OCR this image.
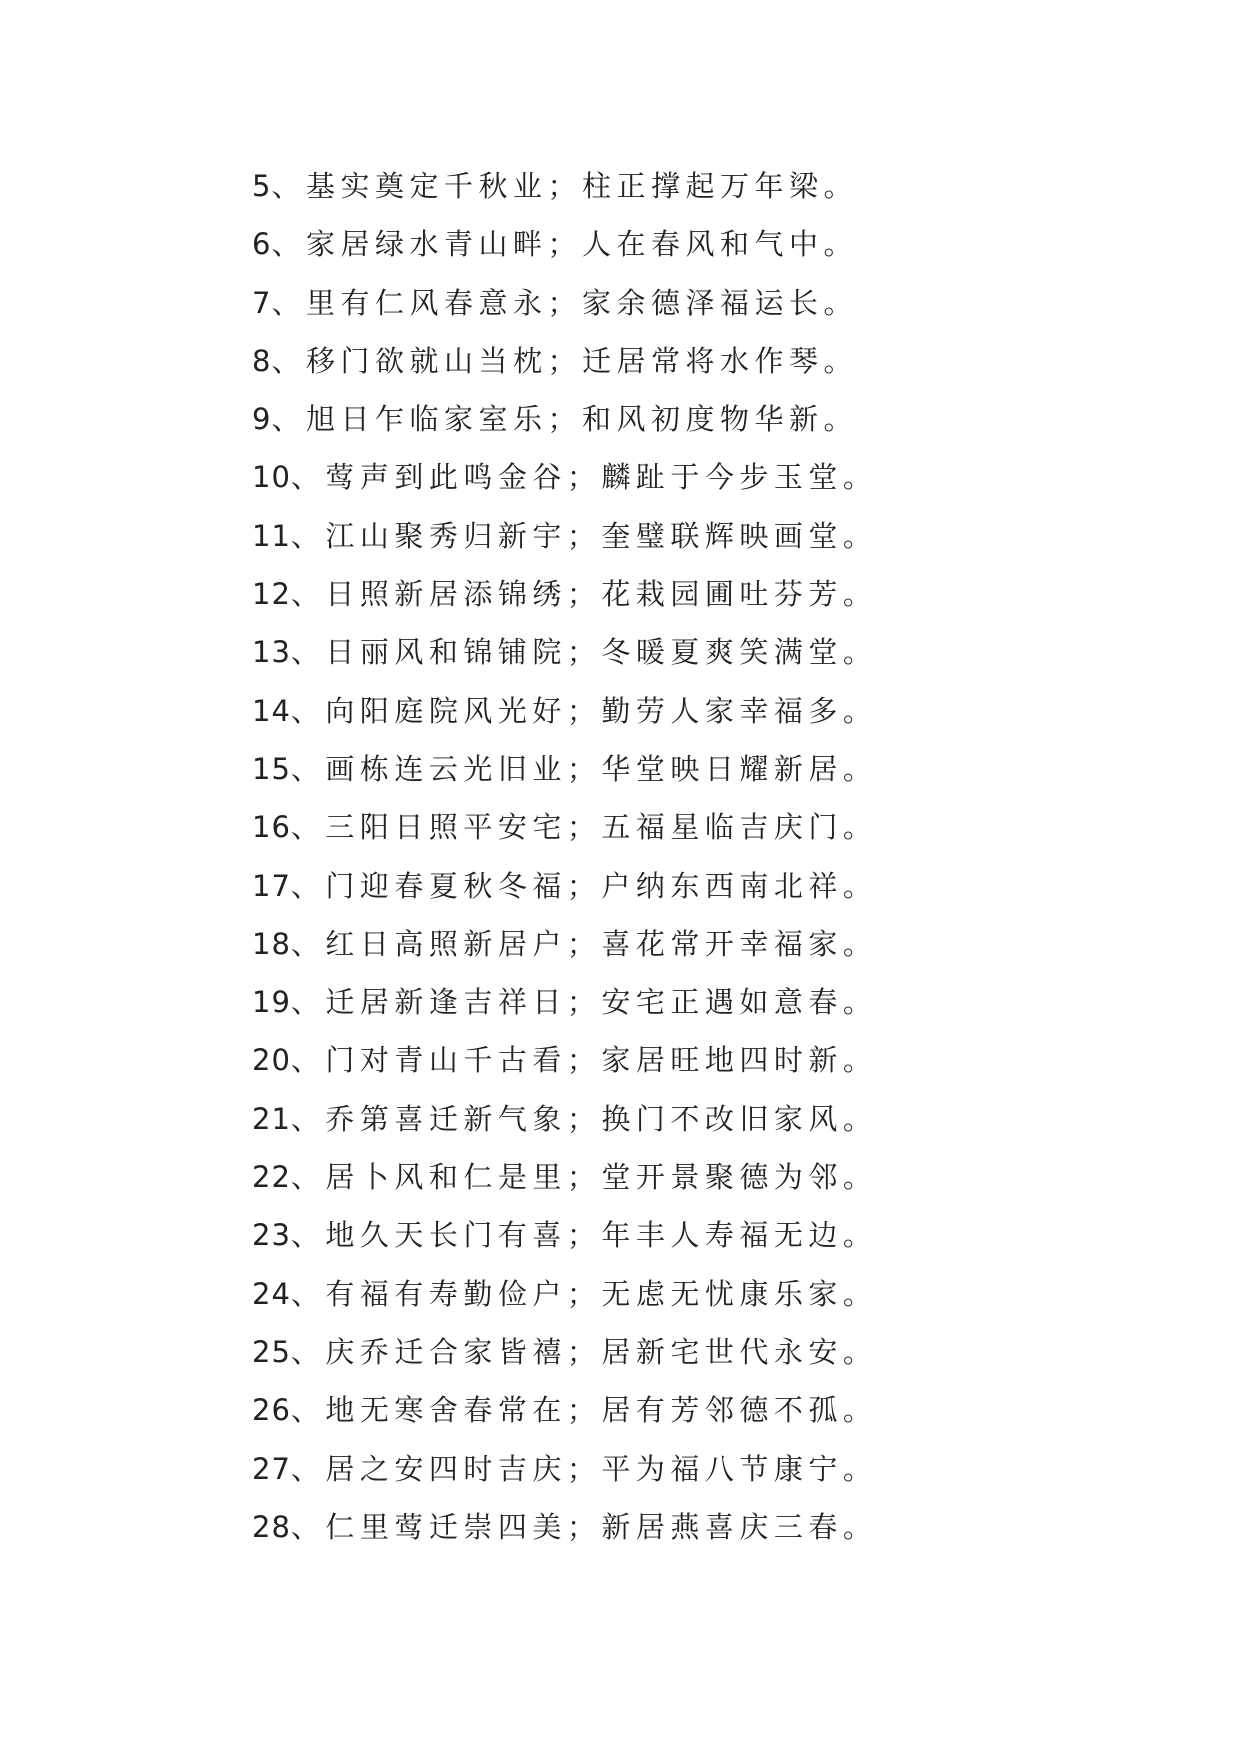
5、基实奠定千秋业；柱正撑起万年梁。
6、家居绿水青山畔；人在春风和气中。
7、里有仁风春意永；家余德泽福运长。
8、移门欲就山当枕；迁居常将水作琴。
9、旭日乍临家室乐；和风初度物华新。
10、莺声到此鸣金谷；麟趾于今步玉堂。
11、江山聚秀归新宇；奎璧联辉映画堂。
12、日照新居添锦绣；花栽园圃吐芬芳。
13、日丽风和锦铺院；冬暖夏爽笑满堂。
14、向阳庭院风光好；勤劳人家幸福多。
15、画栋连云光旧业；华堂映日耀新居。
16、三阳日照平安宅；五福星临吉庆门。
17、门迎春夏秋冬福；户纳东西南北祥。
18、红日高照新居户；喜花常开幸福家。
19、迁居新逢吉祥日；安宅正遇如意春。
20、门对青山千古看；家居旺地四时新。
21、乔第喜迁新气象；换门不改旧家风。
22、居卜风和仁是里；堂开景聚德为邻。
23、地久天长门有喜；年丰人寿福无边。
24、有福有寿勤俭户；无虑无忧康乐家。
25、庆乔迁合家皆禧；居新宅世代永安。
26、地无寒舍春常在；居有芳邻德不孤。
27、居之安四时吉庆；平为福八节康宁。
28、仁里莺迁崇四美；新居燕喜庆三春。
